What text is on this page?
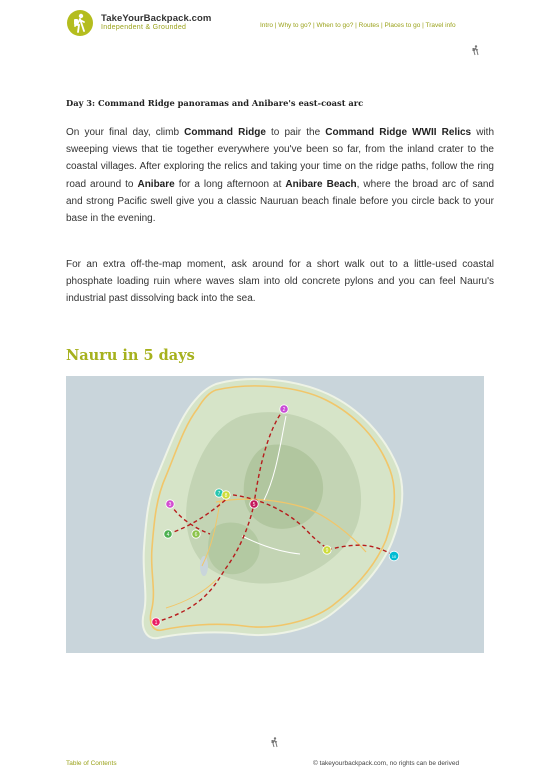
TakeYourBackpack.com
Independent & Grounded	Intro | Why to go? | When to go? | Routes | Places to go | Travel info
Day 3: Command Ridge panoramas and Anibare's east-coast arc
On your final day, climb Command Ridge to pair the Command Ridge WWII Relics with sweeping views that tie together everywhere you've been so far, from the inland crater to the coastal villages. After exploring the relics and taking your time on the ridge paths, follow the ring road around to Anibare for a long afternoon at Anibare Beach, where the broad arc of sand and strong Pacific swell give you a classic Nauruan beach finale before you circle back to your base in the evening.
For an extra off-the-map moment, ask around for a short walk out to a little-used coastal phosphate loading ruin where waves slam into old concrete pylons and you can feel Nauru's industrial past dissolving back into the sea.
Nauru in 5 days
1
2
3
4
5
6
7 8
9
10
Table of Contents	© takeyourbackpack.com, no rights can be derived
